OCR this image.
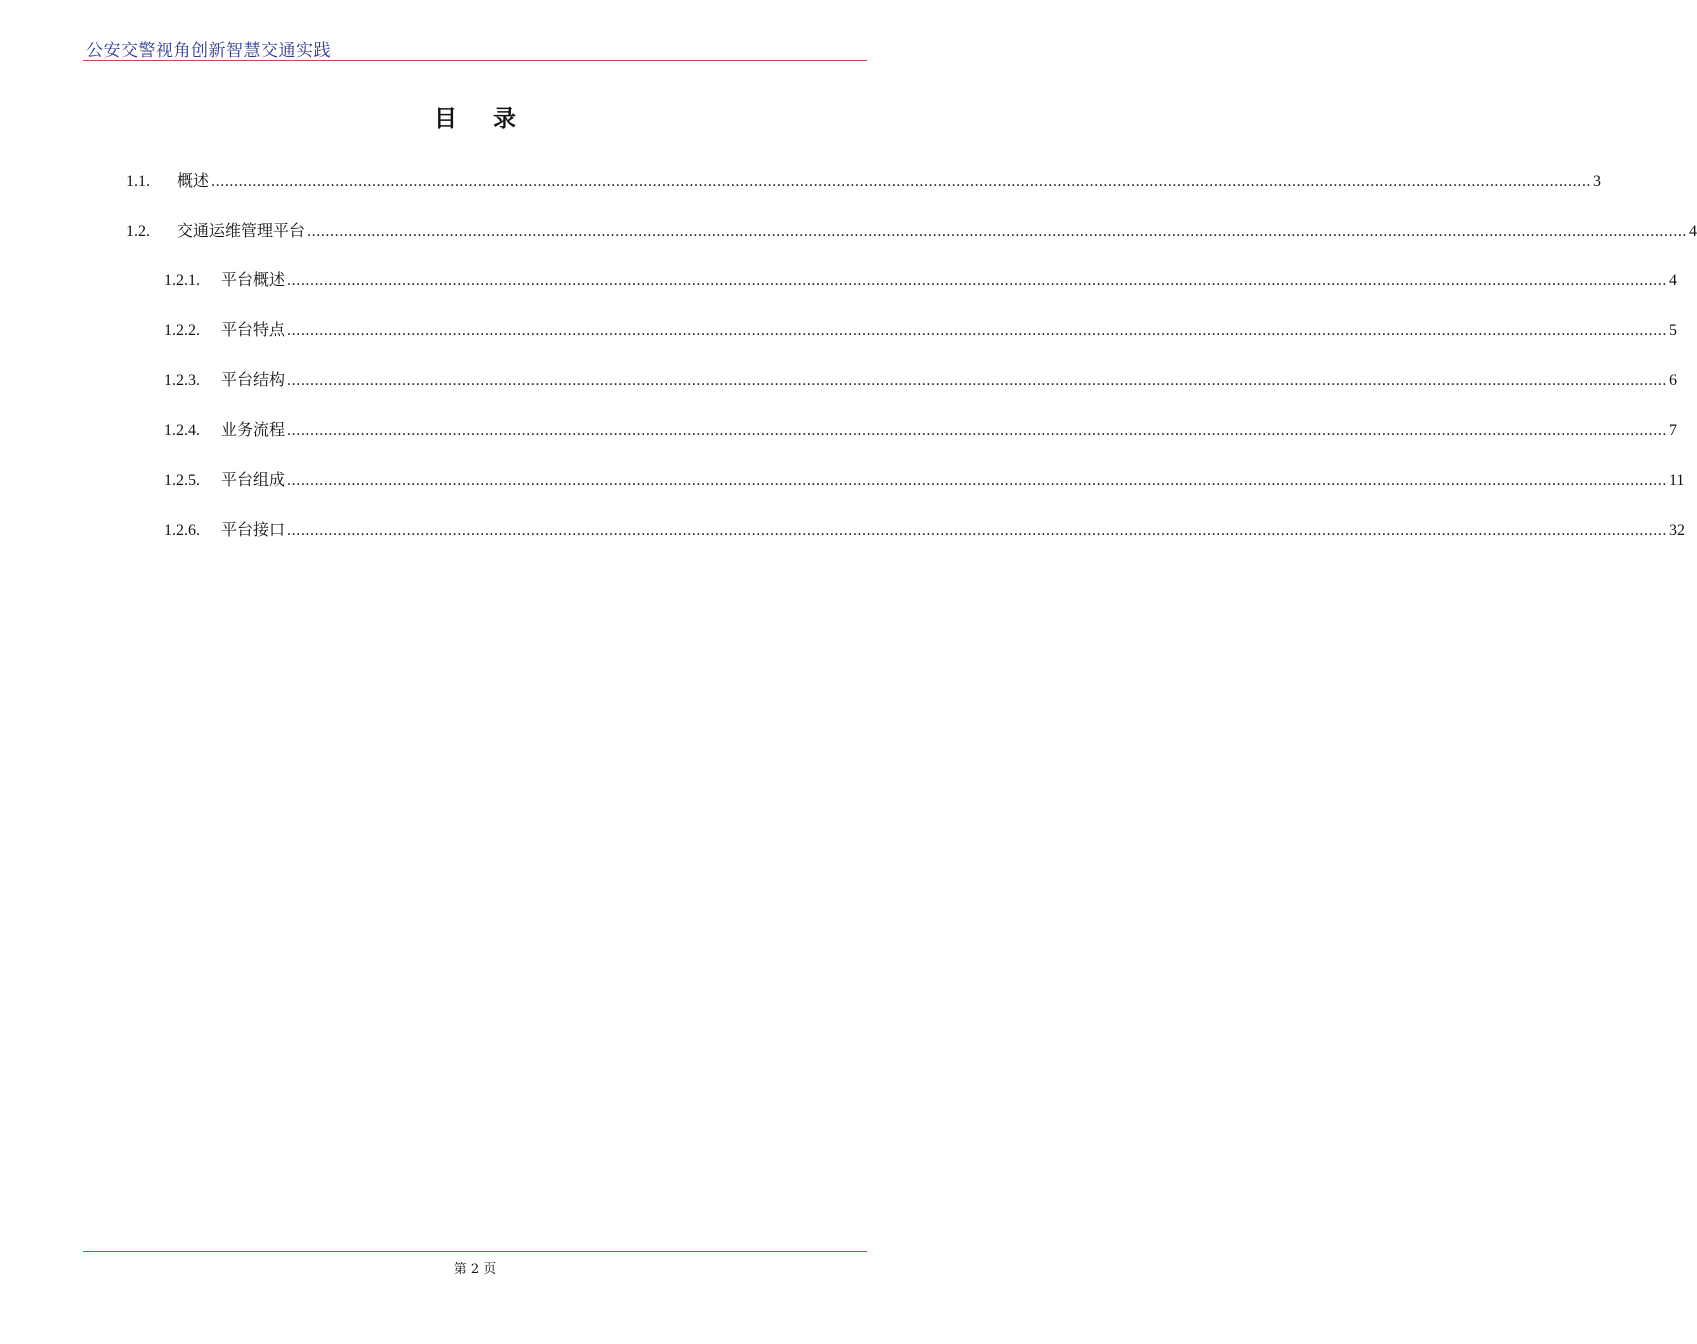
公安交警视角创新智慧交通实践
目 录
1.1.	概述 ............................................................................................................................................................................................................................................................................................................ 3
1.2.	交通运维管理平台 ............................................................................................................................................................................................................................................................................................................ 4
1.2.1.	平台概述 ............................................................................................................................................................................................................................................................................................................ 4
1.2.2.	平台特点 ............................................................................................................................................................................................................................................................................................................ 5
1.2.3.	平台结构 ............................................................................................................................................................................................................................................................................................................ 6
1.2.4.	业务流程 ............................................................................................................................................................................................................................................................................................................ 7
1.2.5.	平台组成 ............................................................................................................................................................................................................................................................................................................ 11
1.2.6.	平台接口 ............................................................................................................................................................................................................................................................................................................ 32
第 2 页
